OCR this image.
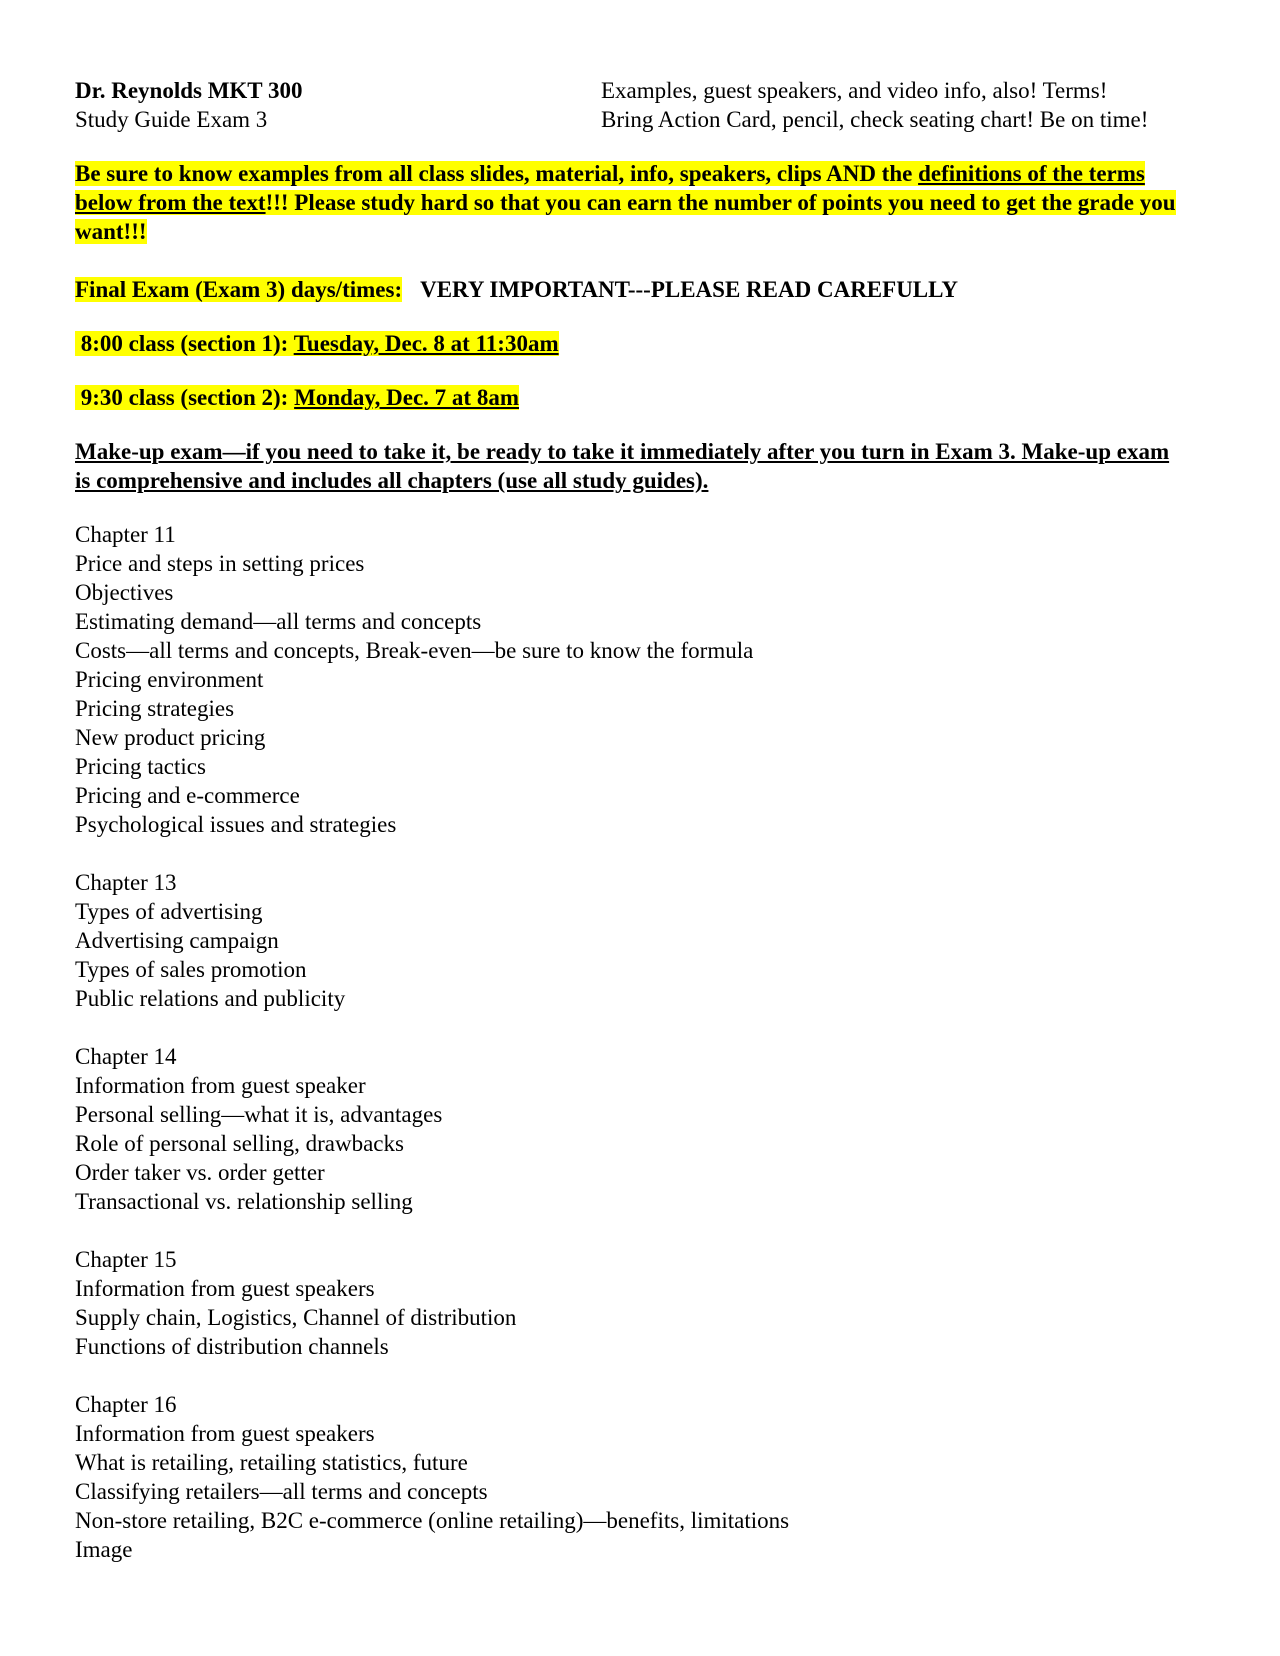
Dr. Reynolds MKT 300	Examples, guest speakers, and video info, also! Terms!
Study Guide Exam 3	Bring Action Card, pencil, check seating chart! Be on time!

Be sure to know examples from all class slides, material, info, speakers, clips AND the definitions of the terms below from the text!!! Please study hard so that you can earn the number of points you need to get the grade you want!!!

Final Exam (Exam 3) days/times: VERY IMPORTANT---PLEASE READ CAREFULLY
8:00 class (section 1): Tuesday, Dec. 8 at 11:30am
9:30 class (section 2): Monday, Dec. 7 at 8am

Make-up exam—if you need to take it, be ready to take it immediately after you turn in Exam 3. Make-up exam is comprehensive and includes all chapters (use all study guides).

Chapter 11
Price and steps in setting prices
Objectives
Estimating demand—all terms and concepts
Costs—all terms and concepts, Break-even—be sure to know the formula
Pricing environment
Pricing strategies
New product pricing
Pricing tactics
Pricing and e-commerce
Psychological issues and strategies
Chapter 13
Types of advertising
Advertising campaign
Types of sales promotion
Public relations and publicity
Chapter 14
Information from guest speaker
Personal selling—what it is, advantages
Role of personal selling, drawbacks
Order taker vs. order getter
Transactional vs. relationship selling
Chapter 15
Information from guest speakers
Supply chain, Logistics, Channel of distribution
Functions of distribution channels
Chapter 16
Information from guest speakers
What is retailing, retailing statistics, future
Classifying retailers—all terms and concepts
Non-store retailing, B2C e-commerce (online retailing)—benefits, limitations
Image
